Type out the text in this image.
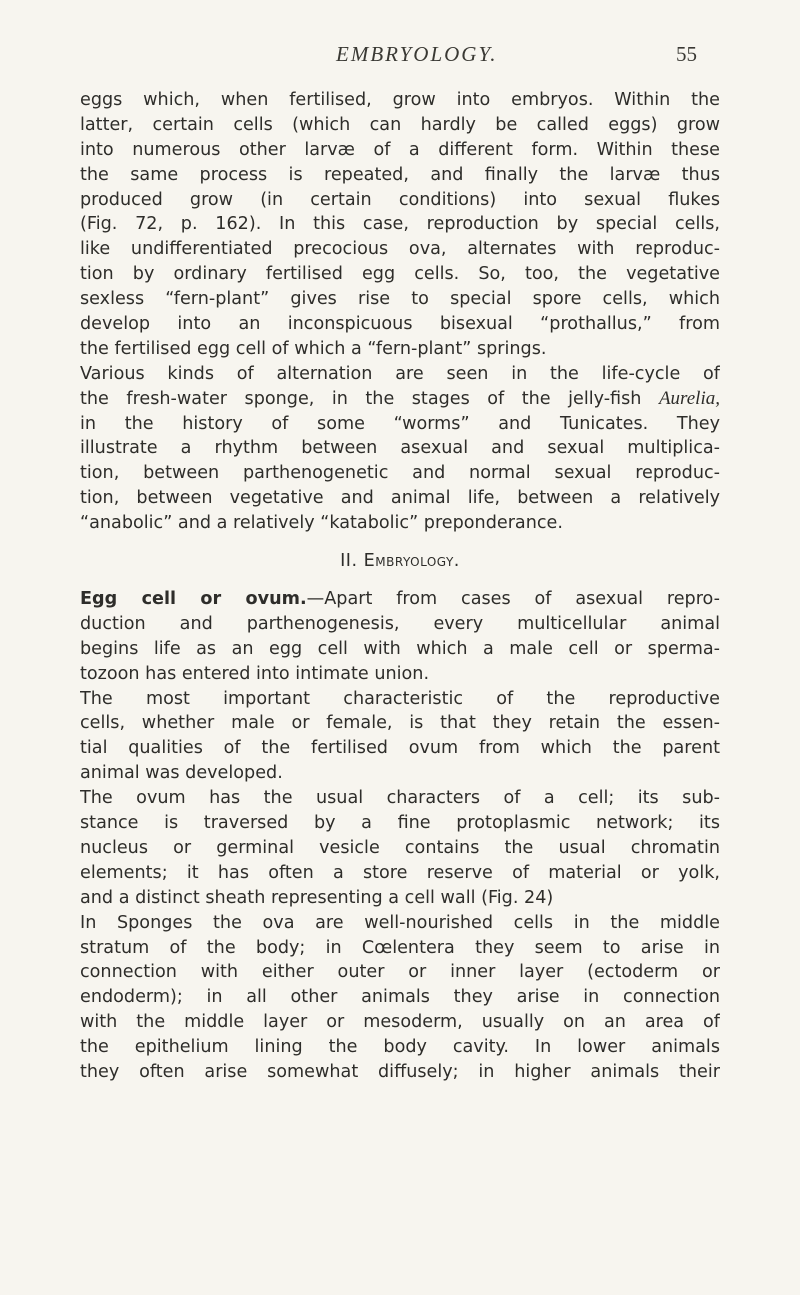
EMBRYOLOGY.	55
eggs which, when fertilised, grow into embryos. Within the
latter, certain cells (which can hardly be called eggs) grow
into numerous other larvæ of a different form. Within these
the same process is repeated, and finally the larvæ thus
produced grow (in certain conditions) into sexual flukes
(Fig. 72, p. 162). In this case, reproduction by special cells,
like undifferentiated precocious ova, alternates with reproduc-
tion by ordinary fertilised egg cells. So, too, the vegetative
sexless “fern-plant” gives rise to special spore cells, which
develop into an inconspicuous bisexual “prothallus,” from
the fertilised egg cell of which a “fern-plant” springs.
Various kinds of alternation are seen in the life-cycle of
the fresh-water sponge, in the stages of the jelly-fish Aurelia,
in the history of some “worms” and Tunicates. They
illustrate a rhythm between asexual and sexual multiplica-
tion, between parthenogenetic and normal sexual reproduc-
tion, between vegetative and animal life, between a relatively
“anabolic” and a relatively “katabolic” preponderance.
II. Embryology.
Egg cell or ovum.—Apart from cases of asexual repro-
duction and parthenogenesis, every multicellular animal
begins life as an egg cell with which a male cell or sperma-
tozoon has entered into intimate union.
The most important characteristic of the reproductive
cells, whether male or female, is that they retain the essen-
tial qualities of the fertilised ovum from which the parent
animal was developed.
The ovum has the usual characters of a cell; its sub-
stance is traversed by a fine protoplasmic network; its
nucleus or germinal vesicle contains the usual chromatin
elements; it has often a store reserve of material or yolk,
and a distinct sheath representing a cell wall (Fig. 24)
In Sponges the ova are well-nourished cells in the middle
stratum of the body; in Cœlentera they seem to arise in
connection with either outer or inner layer (ectoderm or
endoderm); in all other animals they arise in connection
with the middle layer or mesoderm, usually on an area of
the epithelium lining the body cavity. In lower animals
they often arise somewhat diffusely; in higher animals their
